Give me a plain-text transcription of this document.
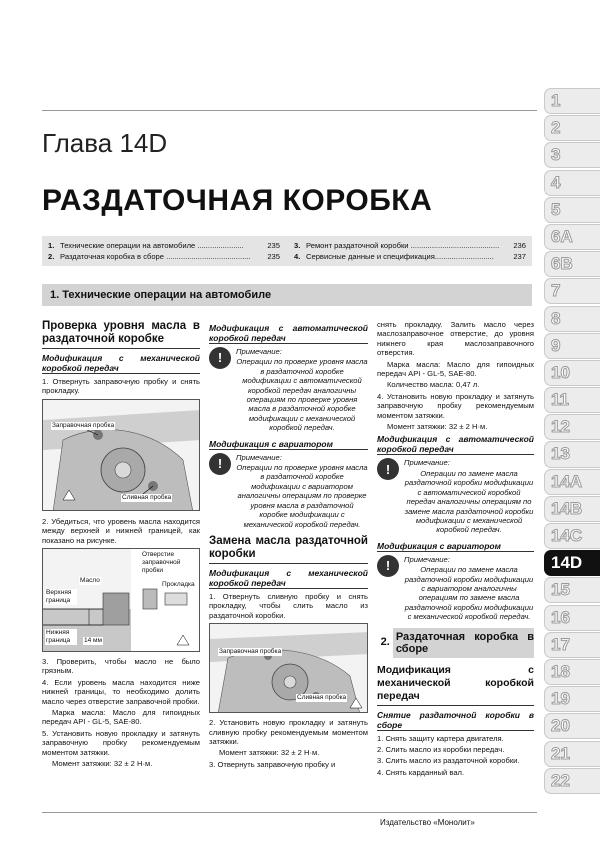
Глава 14D
РАЗДАТОЧНАЯ КОРОБКА
1. Технические операции на автомобиле ......................	235 3. Ремонт раздаточной коробки ..........................................	236
2. Раздаточная коробка в сборе ........................................	235 4. Сервисные данные и спецификация............................	237
1. Технические операции на автомобиле
Проверка уровня масла в раздаточной коробке
Модификация с механической коробкой передач
1. Отвернуть заправочную пробку и снять прокладку.
Заправочная пробка
Сливная пробка
2. Убедиться, что уровень масла находится между верхней и нижней границей, как показано на рисунке.
Масло
Отверстие заправочной пробки
Прокладка
Верхняя граница
Нижняя граница	14 мм
3. Проверить, чтобы масло не было грязным.
4. Если уровень масла находится ниже нижней границы, то необходимо долить масло через отверстие заправочной пробки.
Марка масла: Масло для гипоидных передач API - GL-5, SAE-80.
5. Установить новую прокладку и затянуть заправочную пробку рекомендуемым моментом затяжки.
Момент затяжки: 32 ± 2 Н·м.
Модификация с автоматической коробкой передач
!	Примечание:
Операции по проверке уровня масла в раздаточной коробке модификации с автоматической коробкой передач аналогичны операциям по проверке уровня масла в раздаточной коробке модификации с механической коробкой передач.
Модификация с вариатором
!	Примечание:
Операции по проверке уровня масла в раздаточной коробке модификации с вариатором аналогичны операциям по проверке уровня масла в раздаточной коробке модификации с механической коробкой передач.
Замена масла раздаточной коробки
Модификация с механической коробкой передач
1. Отвернуть сливную пробку и снять прокладку, чтобы слить масло из раздаточной коробки.
Заправочная пробка
Сливная пробка
2. Установить новую прокладку и затянуть сливную пробку рекомендуемым моментом затяжки.
Момент затяжки: 32 ± 2 Н·м.
3. Отвернуть заправочную пробку и
снять прокладку. Залить масло через маслозаправочное отверстие, до уровня нижнего края маслозаправочного отверстия.
Марка масла: Масло для гипоидных передач API - GL-5, SAE-80.
Количество масла: 0,47 л.
4. Установить новую прокладку и затянуть заправочную пробку рекомендуемым моментом затяжки.
Момент затяжки: 32 ± 2 Н·м.
Модификация с автоматической коробкой передач
!	Примечание:
Операции по замене масла раздаточной коробки модификации с автоматической коробкой передач аналогичны операциям по замене масла раздаточной коробки модификации с механической коробкой передач.
Модификация с вариатором
!	Примечание:
Операции по замене масла раздаточной коробки модификации с вариатором аналогичны операциям по замене масла раздаточной коробки модификации с механической коробкой передач.
2. Раздаточная коробка в сборе
Модификация с механической коробкой передач
Снятие раздаточной коробки в сборе
1. Снять защиту картера двигателя.
2. Слить масло из коробки передач.
3. Слить масло из раздаточной коробки.
4. Снять карданный вал.
Издательство «Монолит»
1
2
3
4
5
6A
6B
7
8
9
10
11
12
13
14A
14B
14C
14D
15
16
17
18
19
20
21
22
